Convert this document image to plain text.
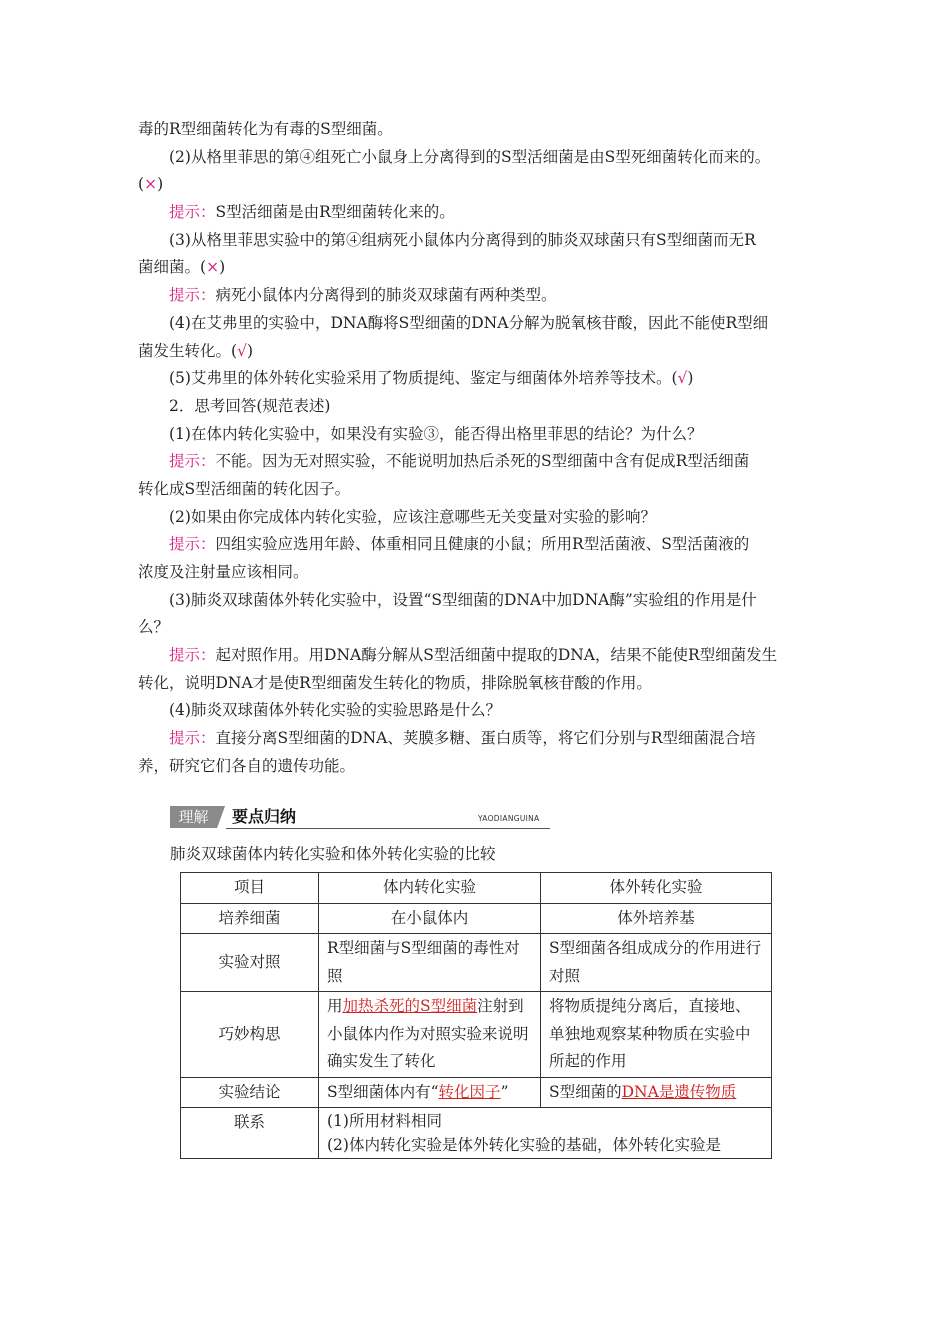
毒的R型细菌转化为有毒的S型细菌。
(2)从格里菲思的第④组死亡小鼠身上分离得到的S型活细菌是由S型死细菌转化而来的。
(×)
提示：S型活细菌是由R型细菌转化来的。
(3)从格里菲思实验中的第④组病死小鼠体内分离得到的肺炎双球菌只有S型细菌而无R
菌细菌。(×)
提示：病死小鼠体内分离得到的肺炎双球菌有两种类型。
(4)在艾弗里的实验中，DNA酶将S型细菌的DNA分解为脱氧核苷酸，因此不能使R型细
菌发生转化。(√)
(5)艾弗里的体外转化实验采用了物质提纯、鉴定与细菌体外培养等技术。(√)
2．思考回答(规范表述)
(1)在体内转化实验中，如果没有实验③，能否得出格里菲思的结论？为什么？
提示：不能。因为无对照实验，不能说明加热后杀死的S型细菌中含有促成R型活细菌
转化成S型活细菌的转化因子。
(2)如果由你完成体内转化实验，应该注意哪些无关变量对实验的影响？
提示：四组实验应选用年龄、体重相同且健康的小鼠；所用R型活菌液、S型活菌液的
浓度及注射量应该相同。
(3)肺炎双球菌体外转化实验中，设置“S型细菌的DNA中加DNA酶”实验组的作用是什
么？
提示：起对照作用。用DNA酶分解从S型活细菌中提取的DNA，结果不能使R型细菌发生
转化，说明DNA才是使R型细菌发生转化的物质，排除脱氧核苷酸的作用。
(4)肺炎双球菌体外转化实验的实验思路是什么？
提示：直接分离S型细菌的DNA、荚膜多糖、蛋白质等，将它们分别与R型细菌混合培
养，研究它们各自的遗传功能。
理解	要点归纳	YAODIANGUINA
肺炎双球菌体内转化实验和体外转化实验的比较
项目	体内转化实验	体外转化实验
培养细菌	在小鼠体内	体外培养基
实验对照	R型细菌与S型细菌的毒性对照	S型细菌各组成成分的作用进行对照
巧妙构思	用加热杀死的S型细菌注射到小鼠体内作为对照实验来说明确实发生了转化	将物质提纯分离后，直接地、单独地观察某种物质在实验中所起的作用
实验结论	S型细菌体内有“转化因子”	S型细菌的DNA是遗传物质
联系	(1)所用材料相同
(2)体内转化实验是体外转化实验的基础，体外转化实验是	
